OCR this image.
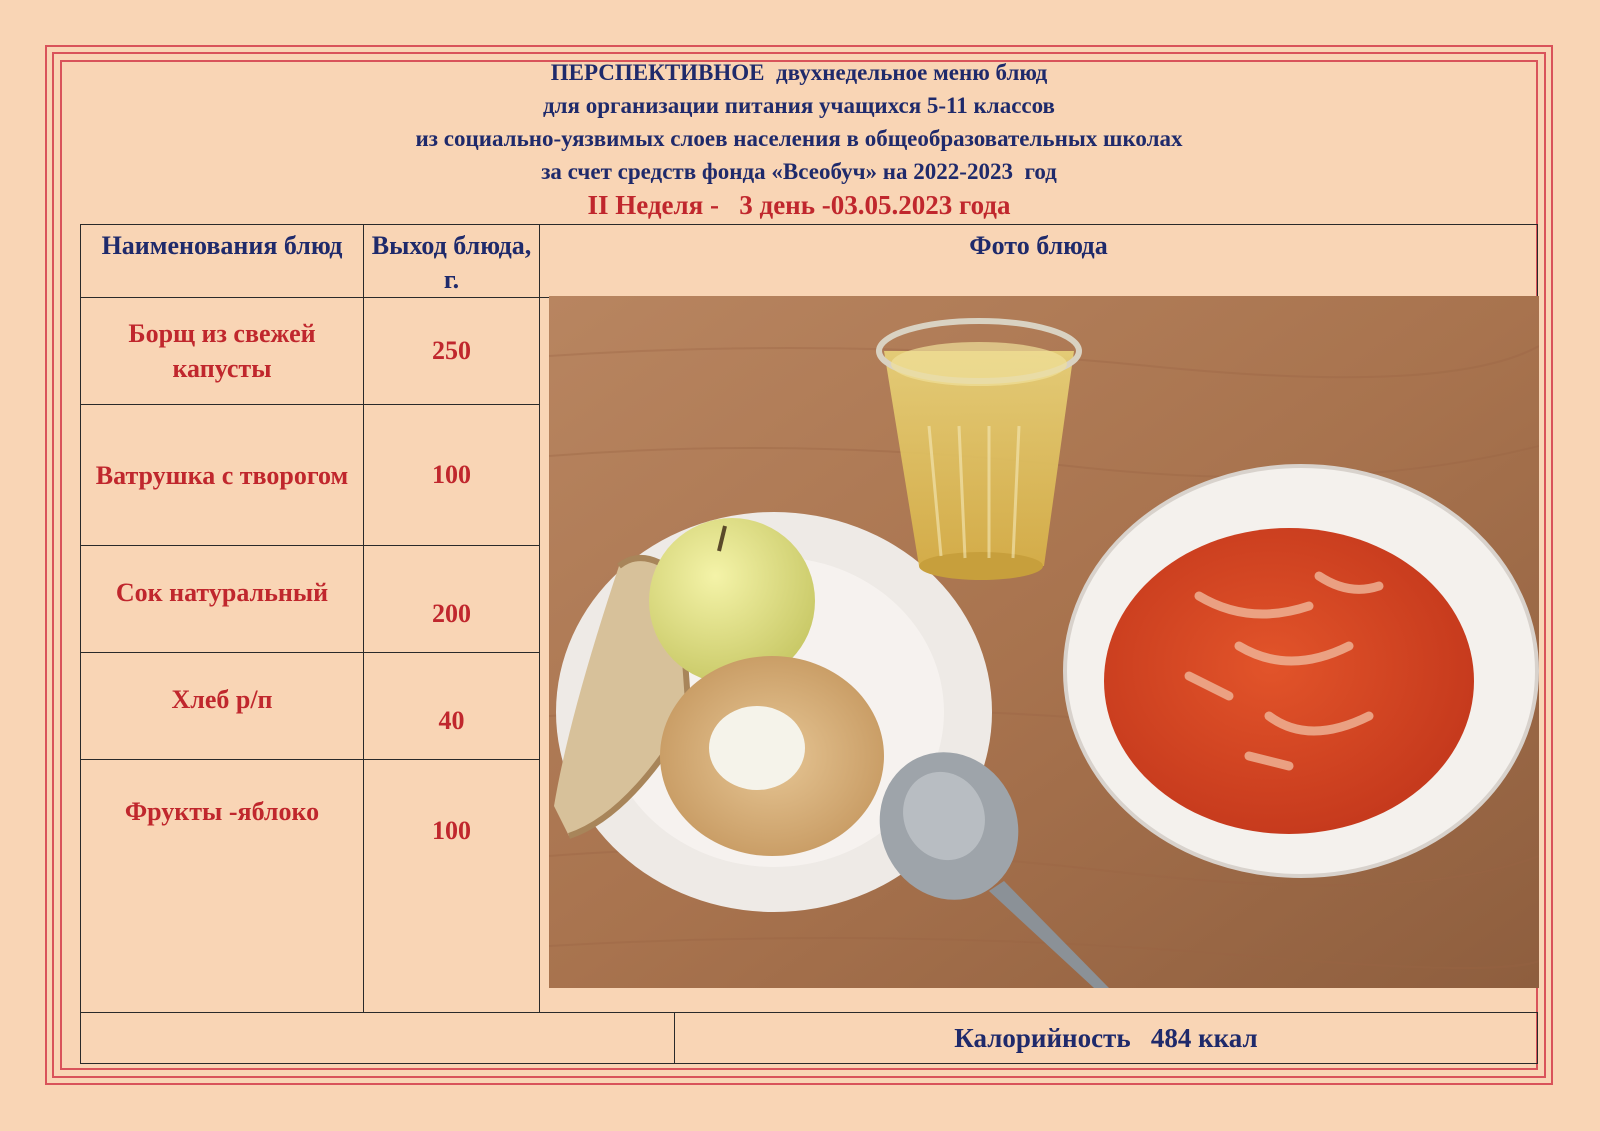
ПЕРСПЕКТИВНОЕ  двухнедельное меню блюд
для организации питания учащихся 5-11 классов
из социально-уязвимых слоев населения в общеобразовательных школах
за счет средств фонда «Всеобуч» на 2022-2023  год
II Неделя -   3 день -03.05.2023 года
Наименования блюд	Выход блюда, г.
Фото блюда
Борщ из свежей капусты
250
Ватрушка с творогом	100
Сок натуральный
200
Хлеб р/п
40
Фрукты -яблоко
100
Калорийность   484 ккал
